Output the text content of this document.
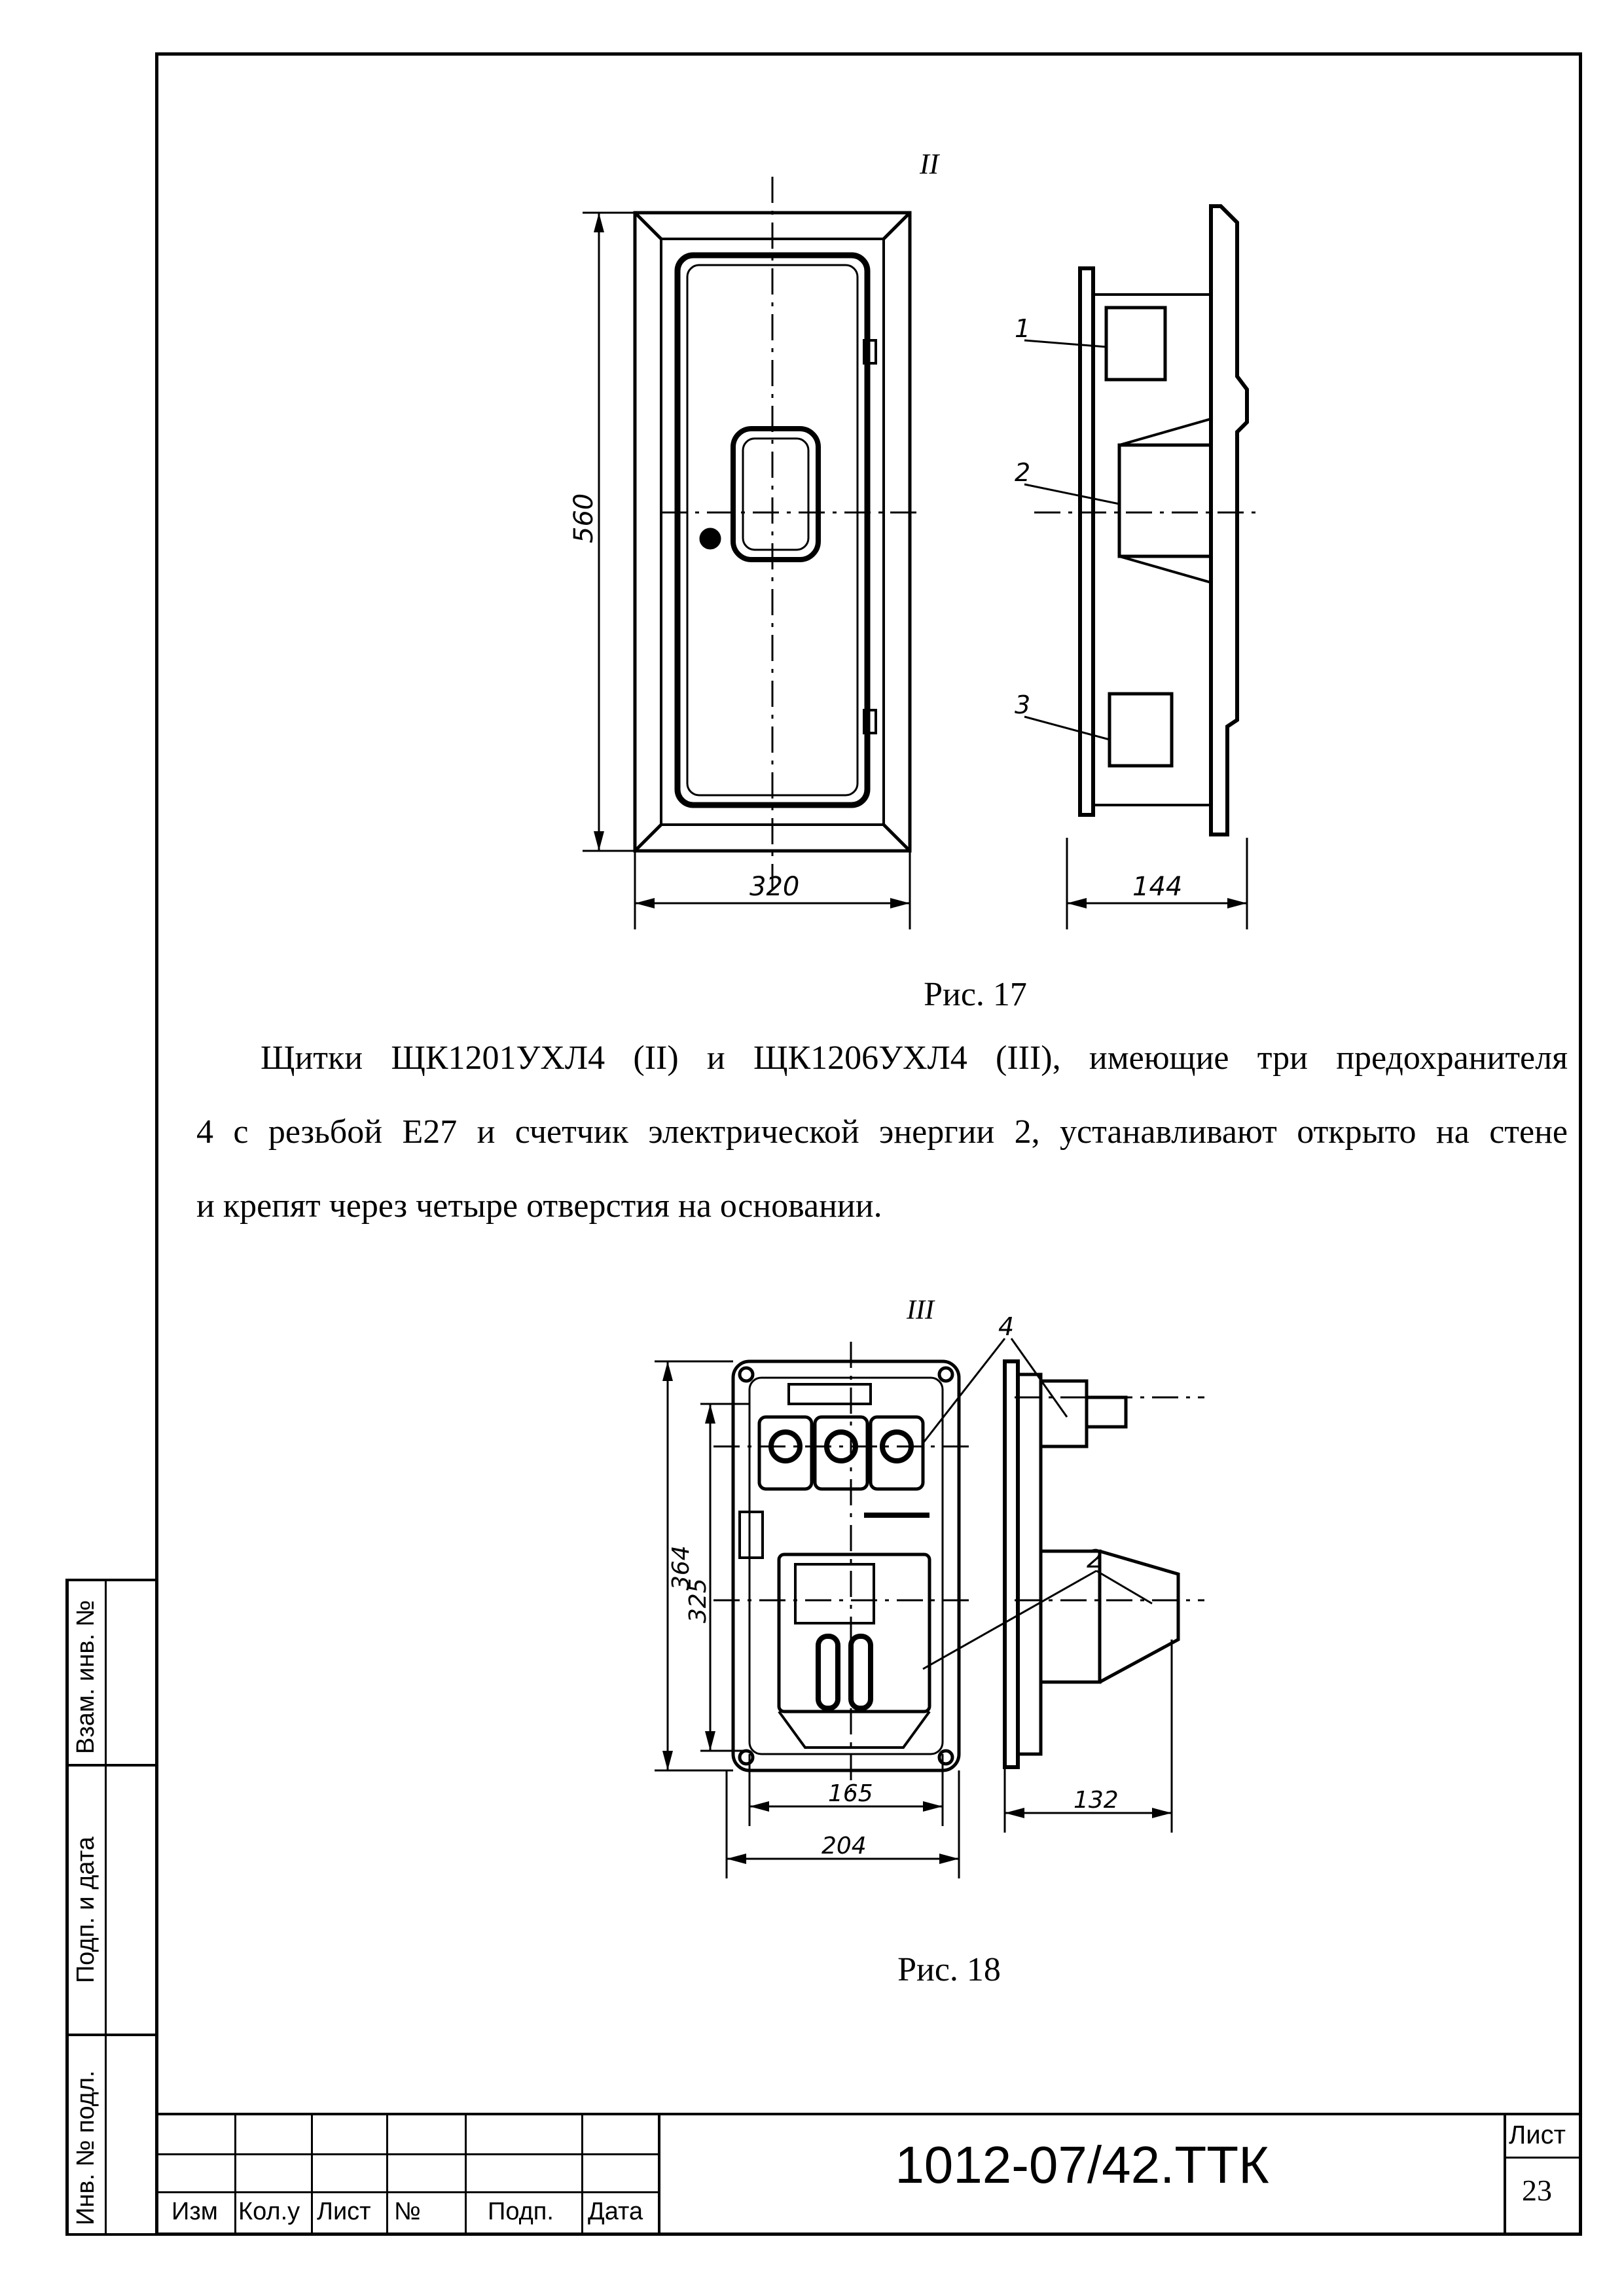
II
560
320	144
1
2
3
Рис. 17
Щитки ЩК1201УХЛ4 (II) и ЩК1206УХЛ4 (III), имеющие три предохранителя
4 с резьбой Е27 и счетчик электрической энергии 2, устанавливают открыто на стене
и крепят через четыре отверстия на основании.
III
364
325
165
204
132
4
2
Рис. 18
Взам. инв. №
Подп. и дата
Инв. № подл.	Изм Кол.у Лист №	Подп. Дата
1012-07/42.ТТК
Лист
23
